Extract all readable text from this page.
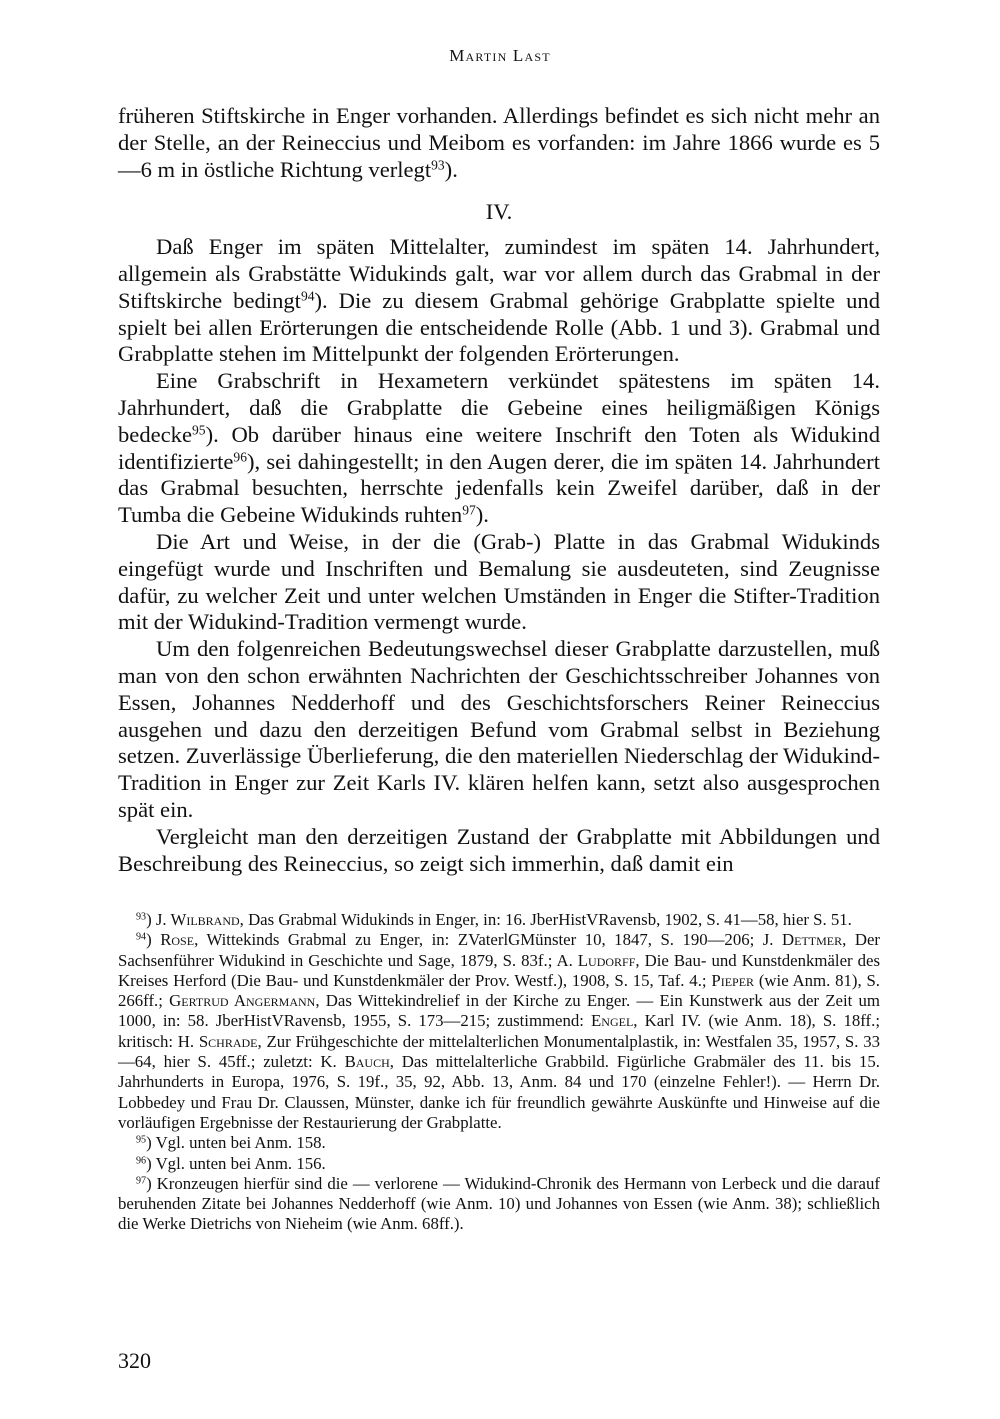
Martin Last

früheren Stiftskirche in Enger vorhanden. Allerdings befindet es sich nicht mehr an der Stelle, an der Reineccius und Meibom es vorfanden: im Jahre 1866 wurde es 5—6 m in östliche Richtung verlegt$^{93}$).

IV.

Daß Enger im späten Mittelalter, zumindest im späten 14. Jahrhundert, allgemein als Grabstätte Widukinds galt, war vor allem durch das Grabmal in der Stiftskirche bedingt$^{94}$). Die zu diesem Grabmal gehörige Grabplatte spielte und spielt bei allen Erörterungen die entscheidende Rolle (Abb. 1 und 3). Grabmal und Grabplatte stehen im Mittelpunkt der folgenden Erörterungen.

Eine Grabschrift in Hexametern verkündet spätestens im späten 14. Jahrhundert, daß die Grabplatte die Gebeine eines heiligmäßigen Königs bedecke$^{95}$). Ob darüber hinaus eine weitere Inschrift den Toten als Widukind identifizierte$^{96}$), sei dahingestellt; in den Augen derer, die im späten 14. Jahrhundert das Grabmal besuchten, herrschte jedenfalls kein Zweifel darüber, daß in der Tumba die Gebeine Widukinds ruhten$^{97}$).

Die Art und Weise, in der die (Grab-) Platte in das Grabmal Widukinds eingefügt wurde und Inschriften und Bemalung sie ausdeuteten, sind Zeugnisse dafür, zu welcher Zeit und unter welchen Umständen in Enger die Stifter-Tradition mit der Widukind-Tradition vermengt wurde.

Um den folgenreichen Bedeutungswechsel dieser Grabplatte darzustellen, muß man von den schon erwähnten Nachrichten der Geschichtsschreiber Johannes von Essen, Johannes Nedderhoff und des Geschichtsforschers Reiner Reineccius ausgehen und dazu den derzeitigen Befund vom Grabmal selbst in Beziehung setzen. Zuverlässige Überlieferung, die den materiellen Niederschlag der Widukind-Tradition in Enger zur Zeit Karls IV. klären helfen kann, setzt also ausgesprochen spät ein.

Vergleicht man den derzeitigen Zustand der Grabplatte mit Abbildungen und Beschreibung des Reineccius, so zeigt sich immerhin, daß damit ein

$^{93}$) J. Wilbrand, Das Grabmal Widukinds in Enger, in: 16. JberHistVRavensb, 1902, S. 41—58, hier S. 51.

$^{94}$) Rose, Wittekinds Grabmal zu Enger, in: ZVaterlGMünster 10, 1847, S. 190—206; J. Dettmer, Der Sachsenführer Widukind in Geschichte und Sage, 1879, S. 83f.; A. Ludorff, Die Bau- und Kunstdenkmäler des Kreises Herford (Die Bau- und Kunstdenkmäler der Prov. Westf.), 1908, S. 15, Taf. 4.; Pieper (wie Anm. 81), S. 266ff.; Gertrud Angermann, Das Wittekindrelief in der Kirche zu Enger. — Ein Kunstwerk aus der Zeit um 1000, in: 58. JberHistVRavensb, 1955, S. 173—215; zustimmend: Engel, Karl IV. (wie Anm. 18), S. 18ff.; kritisch: H. Schrade, Zur Frühgeschichte der mittelalterlichen Monumentalplastik, in: Westfalen 35, 1957, S. 33—64, hier S. 45ff.; zuletzt: K. Bauch, Das mittelalterliche Grabbild. Figürliche Grabmäler des 11. bis 15. Jahrhunderts in Europa, 1976, S. 19f., 35, 92, Abb. 13, Anm. 84 und 170 (einzelne Fehler!). — Herrn Dr. Lobbedey und Frau Dr. Claussen, Münster, danke ich für freundlich gewährte Auskünfte und Hinweise auf die vorläufigen Ergebnisse der Restaurierung der Grabplatte.

$^{95}$) Vgl. unten bei Anm. 158.

$^{96}$) Vgl. unten bei Anm. 156.

$^{97}$) Kronzeugen hierfür sind die — verlorene — Widukind-Chronik des Hermann von Lerbeck und die darauf beruhenden Zitate bei Johannes Nedderhoff (wie Anm. 10) und Johannes von Essen (wie Anm. 38); schließlich die Werke Dietrichs von Nieheim (wie Anm. 68ff.).

320
